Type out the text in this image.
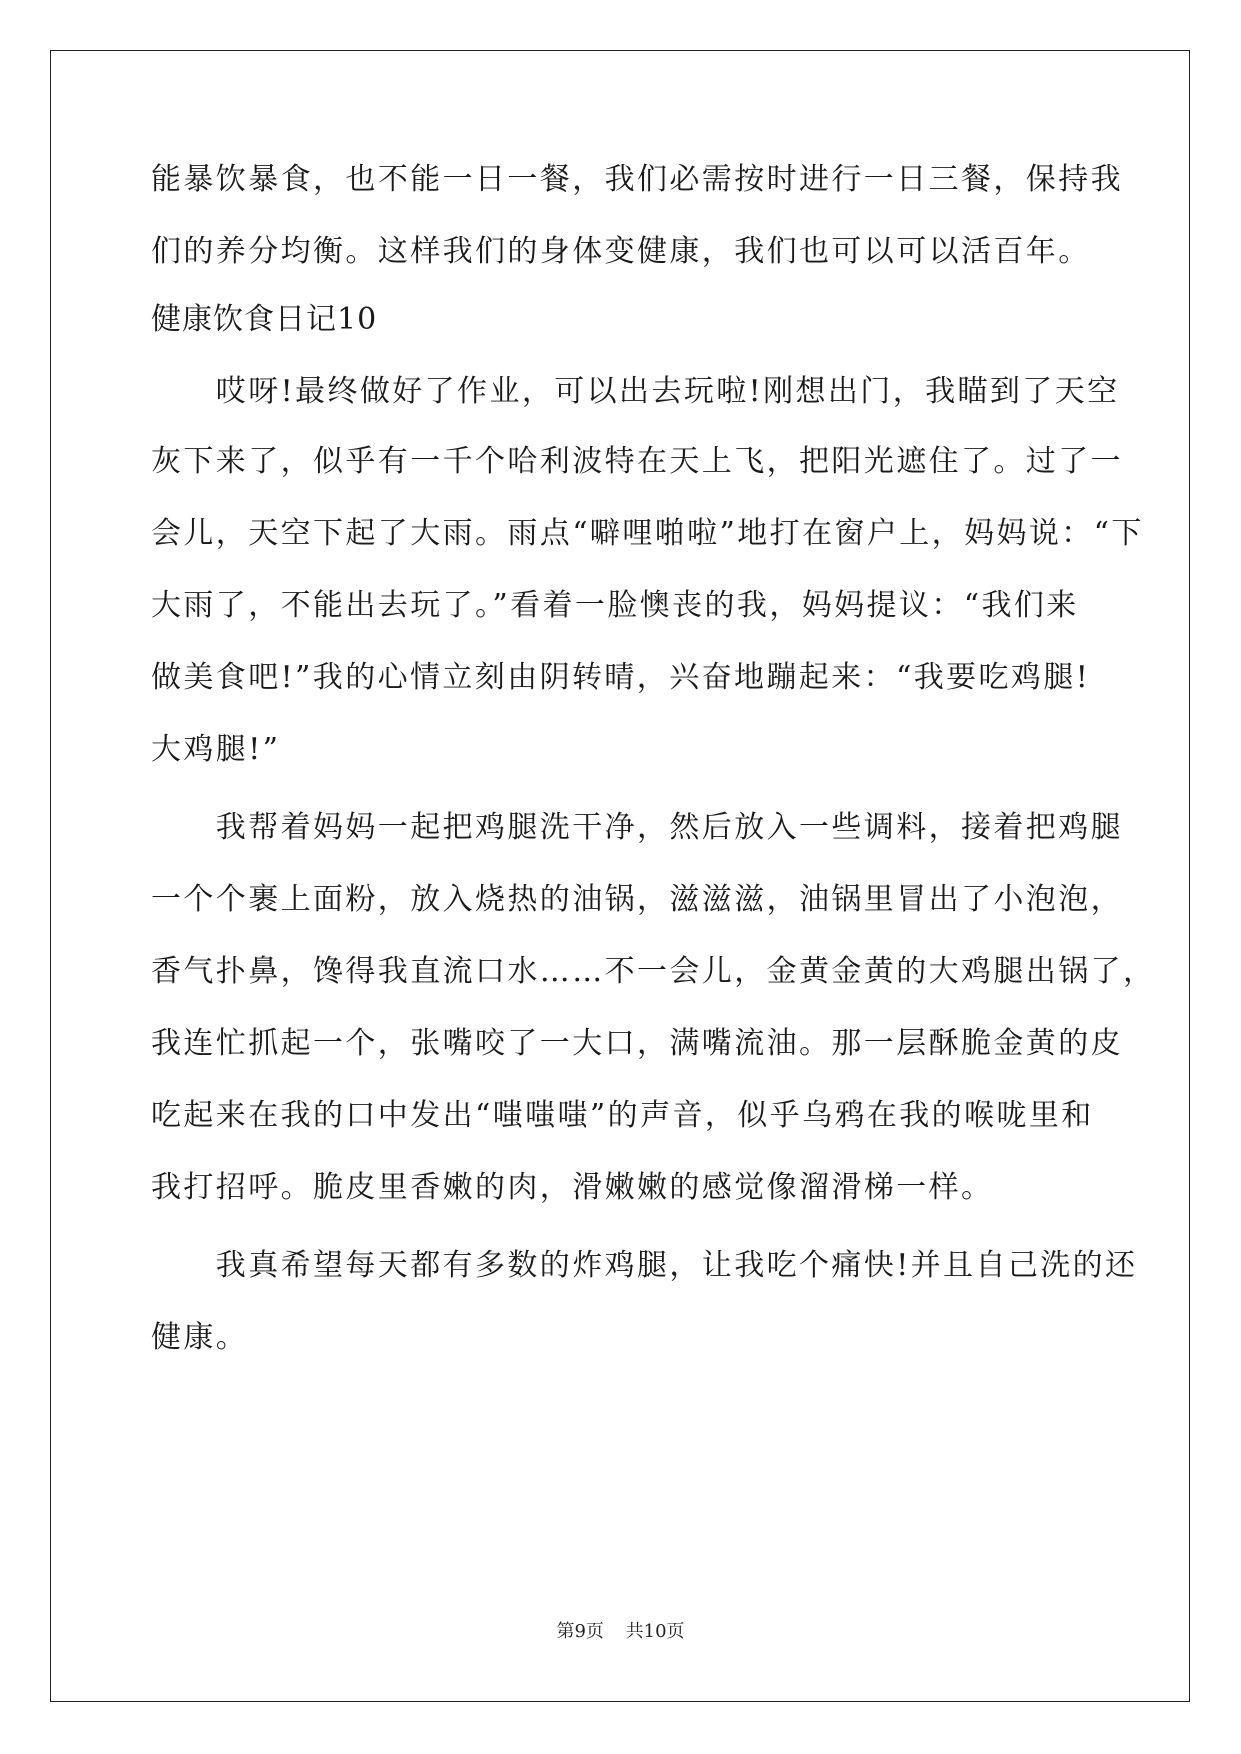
能暴饮暴食，也不能一日一餐，我们必需按时进行一日三餐，保持我
们的养分均衡。这样我们的身体变健康，我们也可以可以活百年。
健康饮食日记10
　　哎呀!最终做好了作业，可以出去玩啦!刚想出门，我瞄到了天空
灰下来了，似乎有一千个哈利波特在天上飞，把阳光遮住了。过了一
会儿，天空下起了大雨。雨点“噼哩啪啦”地打在窗户上，妈妈说：“下
大雨了，不能出去玩了。”看着一脸懊丧的我，妈妈提议：“我们来
做美食吧!”我的心情立刻由阴转晴，兴奋地蹦起来：“我要吃鸡腿!
大鸡腿!”
　　我帮着妈妈一起把鸡腿洗干净，然后放入一些调料，接着把鸡腿
一个个裹上面粉，放入烧热的油锅，滋滋滋，油锅里冒出了小泡泡，
香气扑鼻，馋得我直流口水……不一会儿，金黄金黄的大鸡腿出锅了，
我连忙抓起一个，张嘴咬了一大口，满嘴流油。那一层酥脆金黄的皮
吃起来在我的口中发出“嗤嗤嗤”的声音，似乎乌鸦在我的喉咙里和
我打招呼。脆皮里香嫩的肉，滑嫩嫩的感觉像溜滑梯一样。
　　我真希望每天都有多数的炸鸡腿，让我吃个痛快!并且自己洗的还
健康。
第9页 共10页
